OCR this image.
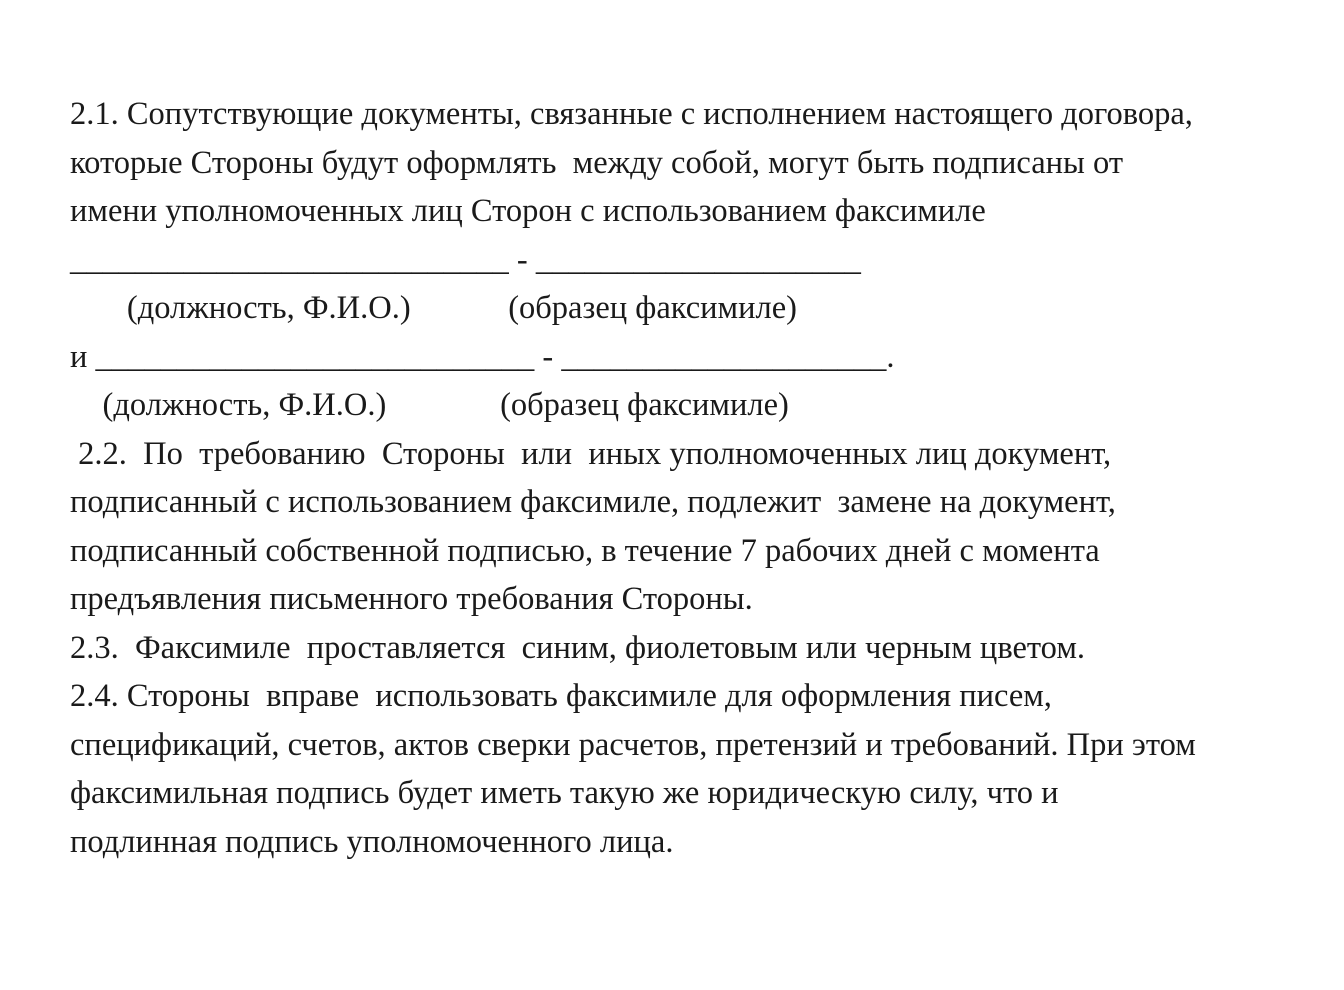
2.1. Сопутствующие документы, связанные с исполнением настоящего договора,
которые Стороны будут оформлять  между собой, могут быть подписаны от
имени уполномоченных лиц Сторон с использованием факсимиле
___________________________ - ____________________
(должность, Ф.И.О.)            (образец факсимиле)
и ___________________________ - ____________________.
(должность, Ф.И.О.)              (образец факсимиле)
2.2.  По  требованию  Стороны  или  иных уполномоченных лиц документ,
подписанный с использованием факсимиле, подлежит  замене на документ,
подписанный собственной подписью, в течение 7 рабочих дней с момента
предъявления письменного требования Стороны.
2.3.  Факсимиле  проставляется  синим, фиолетовым или черным цветом.
2.4. Стороны  вправе  использовать факсимиле для оформления писем,
спецификаций, счетов, актов сверки расчетов, претензий и требований. При этом
факсимильная подпись будет иметь такую же юридическую силу, что и
подлинная подпись уполномоченного лица.
